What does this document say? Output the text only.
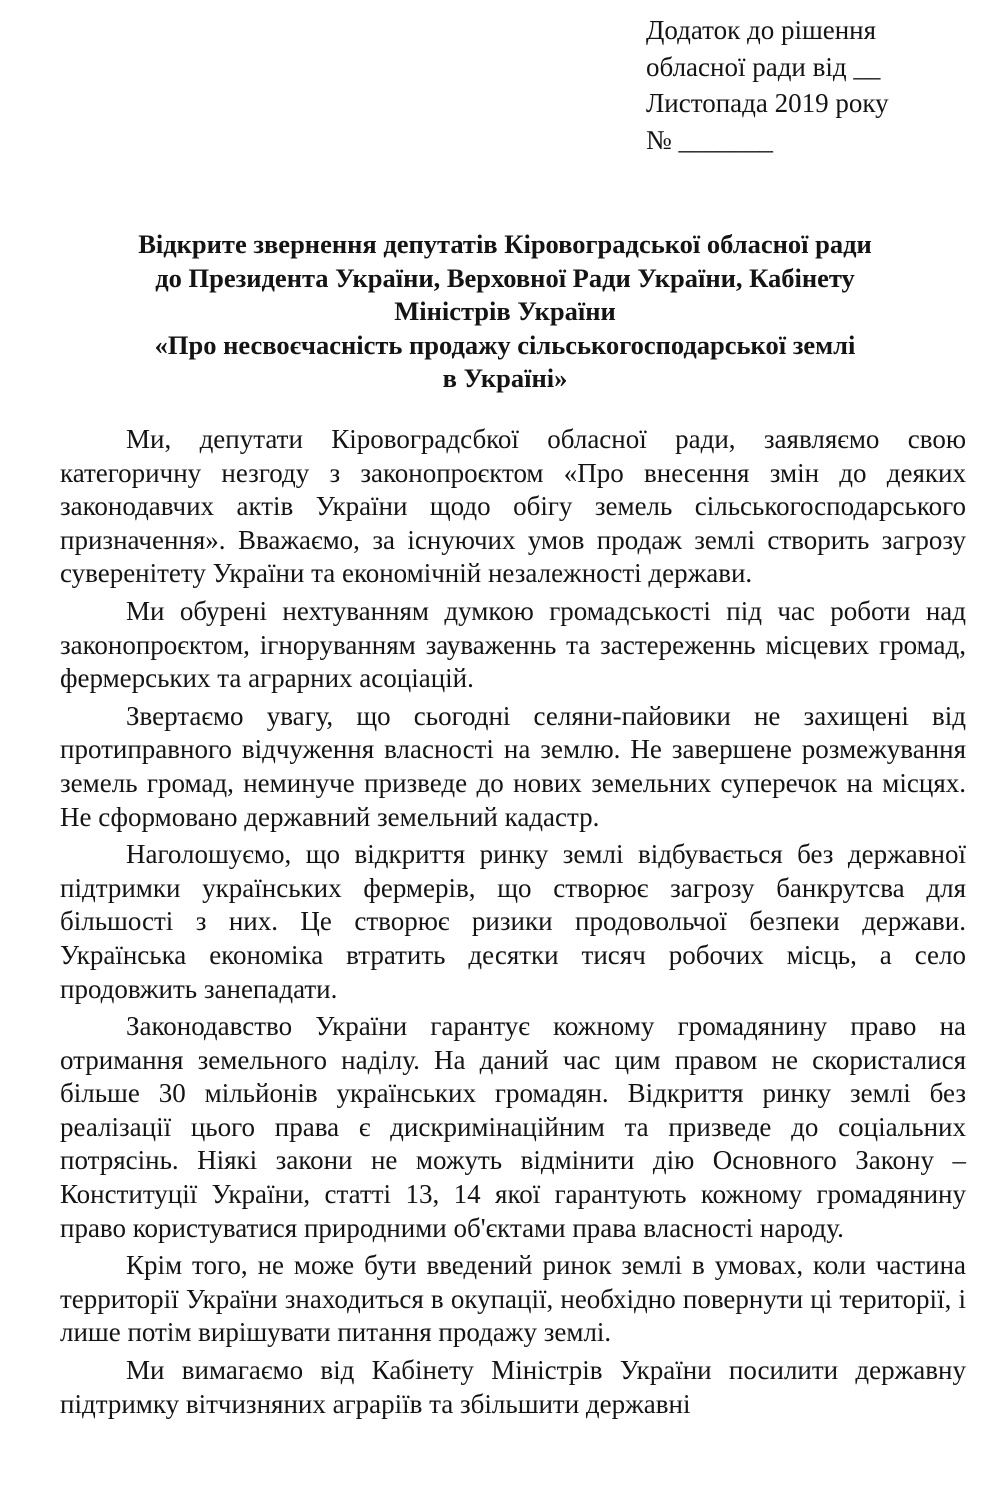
Додаток до рішення
обласної ради від __
Листопада 2019 року
№ _______
Відкрите звернення депутатів Кіровоградської обласної ради
до Президента України, Верховної Ради України, Кабінету
Міністрів України
«Про несвоєчасність продажу сільськогосподарської землі
в Україні»

Ми, депутати Кіровоградсбкої обласної ради, заявляємо свою категоричну незгоду з законопроєктом «Про внесення змін до деяких законодавчих актів України щодо обігу земель сільськогосподарського призначення». Вважаємо, за існуючих умов продаж землі створить загрозу суверенітету України та економічній незалежності держави.

Ми обурені нехтуванням думкою громадськості під час роботи над законопроєктом, ігноруванням зауваженнь та застереженнь місцевих громад, фермерських та аграрних асоціацій.

Звертаємо увагу, що сьогодні селяни-пайовики не захищені від протиправного відчуження власності на землю. Не завершене розмежування земель громад, неминуче призведе до нових земельних суперечок на місцях. Не сформовано державний земельний кадастр.

Наголошуємо, що відкриття ринку землі відбувається без державної підтримки українських фермерів, що створює загрозу банкрутсва для більшості з них. Це створює ризики продовольчої безпеки держави. Українська економіка втратить десятки тисяч робочих місць, а село продовжить занепадати.

Законодавство України гарантує кожному громадянину право на отримання земельного наділу. На даний час цим правом не скористалися більше 30 мільйонів українських громадян. Відкриття ринку землі без реалізації цього права є дискримінаційним та призведе до соціальних потрясінь. Ніякі закони не можуть відмінити дію Основного Закону – Конституції України, статті 13, 14 якої гарантують кожному громадянину право користуватися природними об'єктами права власності народу.

Крім того, не може бути введений ринок землі в умовах, коли частина территорії України знаходиться в окупації, необхідно повернути ці території, і лише потім вирішувати питання продажу землі.

Ми вимагаємо від Кабінету Міністрів України посилити державну підтримку вітчизняних аграріїв та збільшити державні
